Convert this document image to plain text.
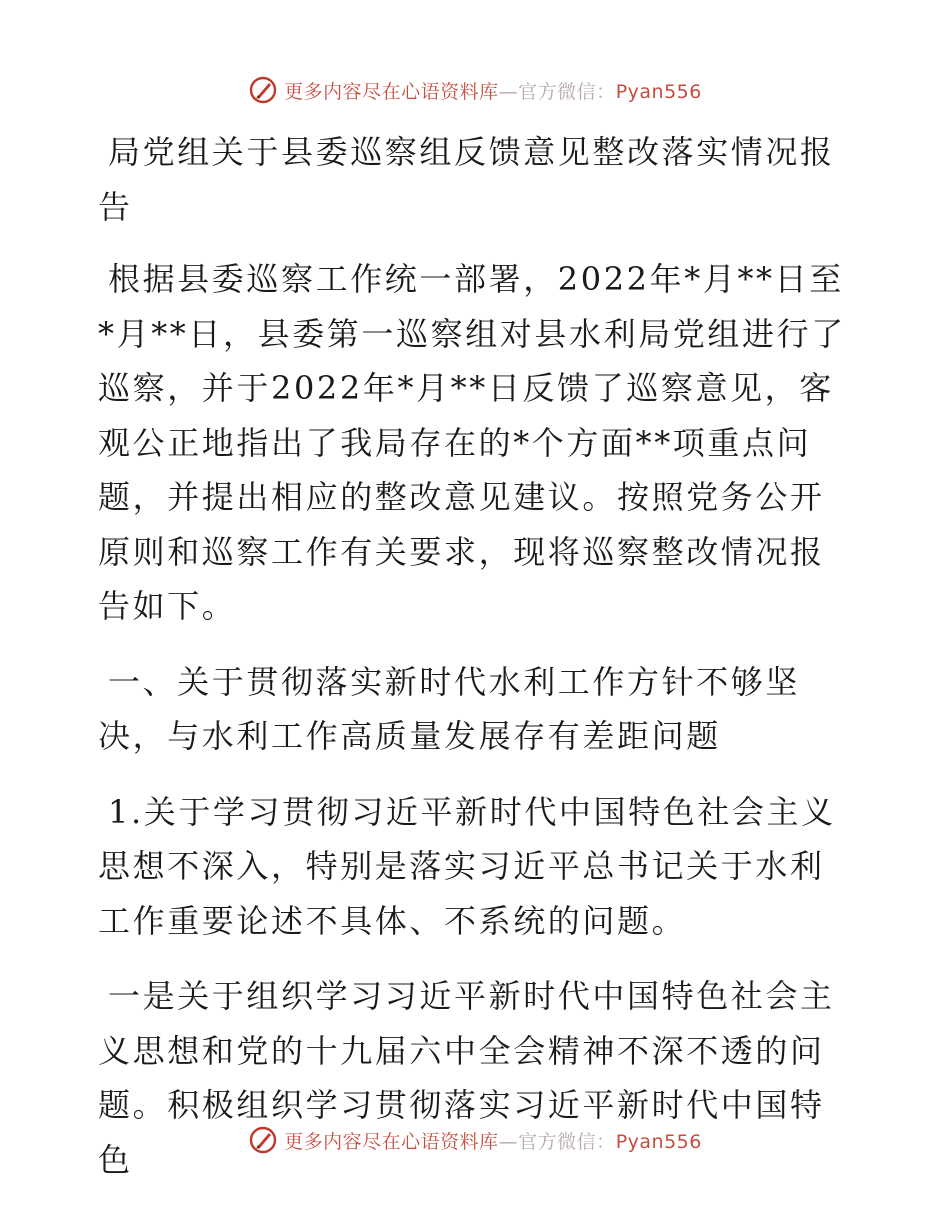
更多内容尽在心语资料库—官方微信：Pyan556

局党组关于县委巡察组反馈意见整改落实情况报告

根据县委巡察工作统一部署，2022年*月**日至*月**日，县委第一巡察组对县水利局党组进行了巡察，并于2022年*月**日反馈了巡察意见，客观公正地指出了我局存在的*个方面**项重点问题，并提出相应的整改意见建议。按照党务公开原则和巡察工作有关要求，现将巡察整改情况报告如下。

一、关于贯彻落实新时代水利工作方针不够坚决，与水利工作高质量发展存有差距问题

1.关于学习贯彻习近平新时代中国特色社会主义思想不深入，特别是落实习近平总书记关于水利工作重要论述不具体、不系统的问题。

一是关于组织学习习近平新时代中国特色社会主义思想和党的十九届六中全会精神不深不透的问题。积极组织学习贯彻落实习近平新时代中国特色	更多内容尽在心语资料库—官方微信：Pyan556
